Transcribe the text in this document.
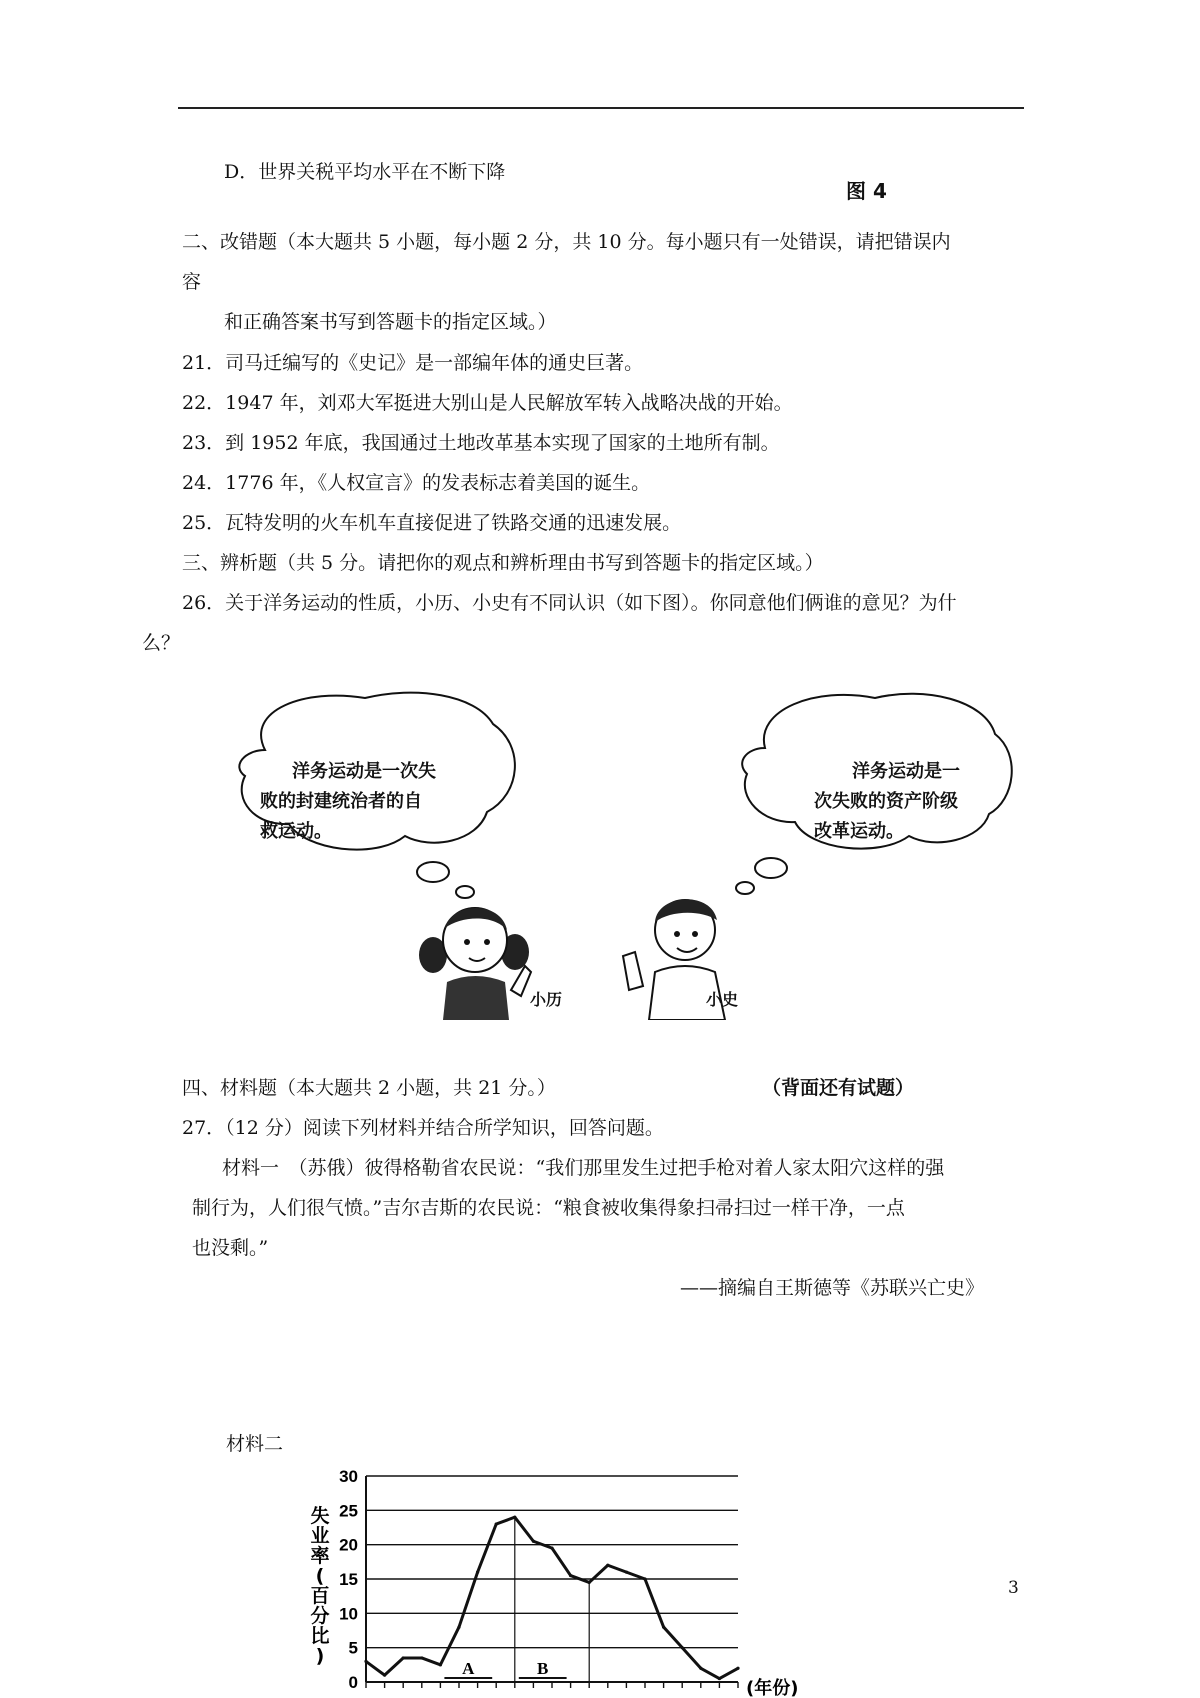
D．世界关税平均水平在不断下降
图 4
二、改错题（本大题共 5 小题，每小题 2 分，共 10 分。每小题只有一处错误，请把错误内
容
和正确答案书写到答题卡的指定区域。）
21．司马迁编写的《史记》是一部编年体的通史巨著。
22．1947 年，刘邓大军挺进大别山是人民解放军转入战略决战的开始。
23．到 1952 年底，我国通过土地改革基本实现了国家的土地所有制。
24．1776 年，《人权宣言》的发表标志着美国的诞生。
25．瓦特发明的火车机车直接促进了铁路交通的迅速发展。
三、辨析题（共 5 分。请把你的观点和辨析理由书写到答题卡的指定区域。）
26．关于洋务运动的性质，小历、小史有不同认识（如下图）。你同意他们俩谁的意见？为什
么？
洋务运动是一次失
败的封建统治者的自
救运动。
洋务运动是一
次失败的资产阶级
改革运动。
小历	小史
四、材料题（本大题共 2 小题，共 21 分。）	（背面还有试题）
27．（12 分）阅读下列材料并结合所学知识，回答问题。
材料一　（苏俄）彼得格勒省农民说：“我们那里发生过把手枪对着人家太阳穴这样的强
制行为，人们很气愤。”吉尔吉斯的农民说：“粮食被收集得象扫帚扫过一样干净，一点
也没剩。”
——摘编自王斯德等《苏联兴亡史》
材料二
0
5
10
15
20
25
30
A	B
失
业
率
(
百
分
比
)
(年份)
3
